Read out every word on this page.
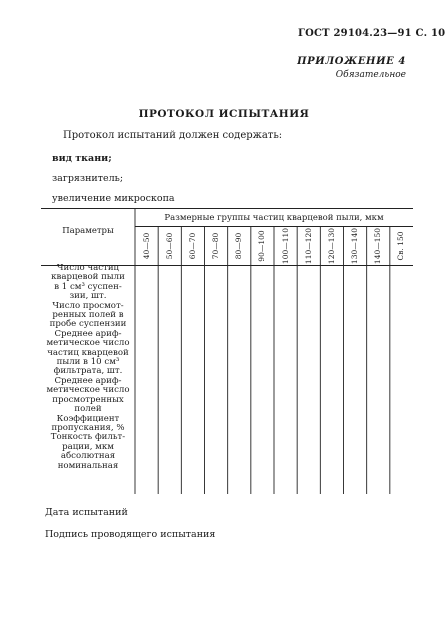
ГОСТ 29104.23—91 С. 10
ПРИЛОЖЕНИЕ 4
Обязательное
ПРОТОКОЛ ИСПЫТАНИЯ
Протокол испытаний должен содержать:
вид ткани;
загрязнитель;
увеличение микроскопа
Размерные группы частиц кварцевой пыли, мкм
Параметры
40—50 50—60 60—70 70—80 80—90 90—100 100—110 110—120 120—130 130—140 140—150 Св. 150
Число частиц
кварцевой пыли
в 1 см³ суспен-
зии, шт.
Число просмот-
ренных полей в
пробе суспензии
Среднее ариф-
метическое число
частиц кварцевой
пыли в 10 см³
фильтрата, шт.
Среднее ариф-
метическое число
просмотренных
полей
Коэффициент
пропускания, %
Тонкость фильт-
рации, мкм
абсолютная
номинальная
Дата испытаний
Подпись проводящего испытания
